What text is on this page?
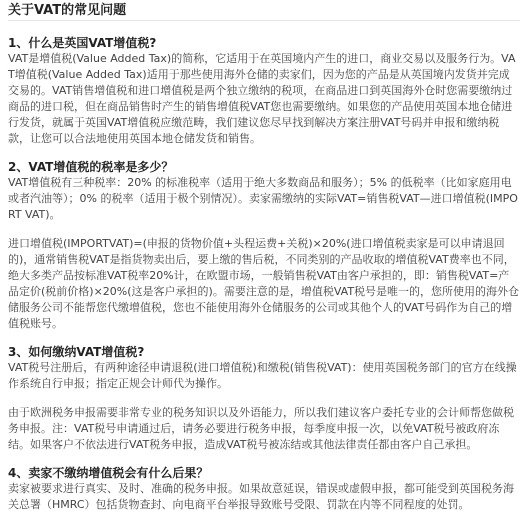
关于VAT的常见问题
1、什么是英国VAT增值税?

VAT是增值税(Value Added Tax)的简称，它适用于在英国境内产生的进口，商业交易以及服务行为。VAT增值税(Value Added Tax)适用于那些使用海外仓储的卖家们，因为您的产品是从英国境内发货并完成交易的。VAT销售增值税和进口增值税是两个独立缴纳的税项，在商品进口到英国海外仓时您需要缴纳过商品的进口税，但在商品销售时产生的销售增值税VAT您也需要缴纳。如果您的产品使用英国本地仓储进行发货，就属于英国VAT增值税应缴范畴，我们建议您尽早找到解决方案注册VAT号码并申报和缴纳税款，让您可以合法地使用英国本地仓储发货和销售。

2、VAT增值税的税率是多少？

VAT增值税有三种税率：20% 的标准税率（适用于绝大多数商品和服务）；5% 的低税率（比如家庭用电或者汽油等）；0% 的税率（适用于极个别情况）。卖家需缴纳的实际VAT=销售税VAT—进口增值税(IMPORT VAT)。

进口增值税(IMPORTVAT)=(申报的货物价值+头程运费+关税)×20%(进口增值税卖家是可以申请退回的)，通常销售税VAT是指货物卖出后，要上缴的售后税，不同类别的产品收取的增值税VAT费率也不同，绝大多类产品按标准VAT税率20%计，在欧盟市场，一般销售税VAT由客户承担的，即：销售税VAT=产品定价(税前价格)×20%(这是客户承担的)。需要注意的是，增值税VAT税号是唯一的，您所使用的海外仓储服务公司不能帮您代缴增值税，您也不能使用海外仓储服务的公司或其他个人的VAT号码作为自己的增值税账号。

3、如何缴纳VAT增值税?

VAT税号注册后，有两种途径申请退税(进口增值税)和缴税(销售税VAT)：使用英国税务部门的官方在线操作系统自行申报；指定正规会计师代为操作。

由于欧洲税务申报需要非常专业的税务知识以及外语能力，所以我们建议客户委托专业的会计师帮您做税务申报。注：VAT税号申请通过后，请务必要进行税务申报，每季度申报一次，以免VAT税号被政府冻结。如果客户不依法进行VAT税务申报，造成VAT税号被冻结或其他法律责任都由客户自己承担。

4、卖家不缴纳增值税会有什么后果？

卖家被要求进行真实、及时、准确的税务申报。如果故意延误，错误或虚假申报，都可能受到英国税务海关总署（HMRC）包括货物查封、向电商平台举报导致账号受限、罚款在内等不同程度的处罚。
